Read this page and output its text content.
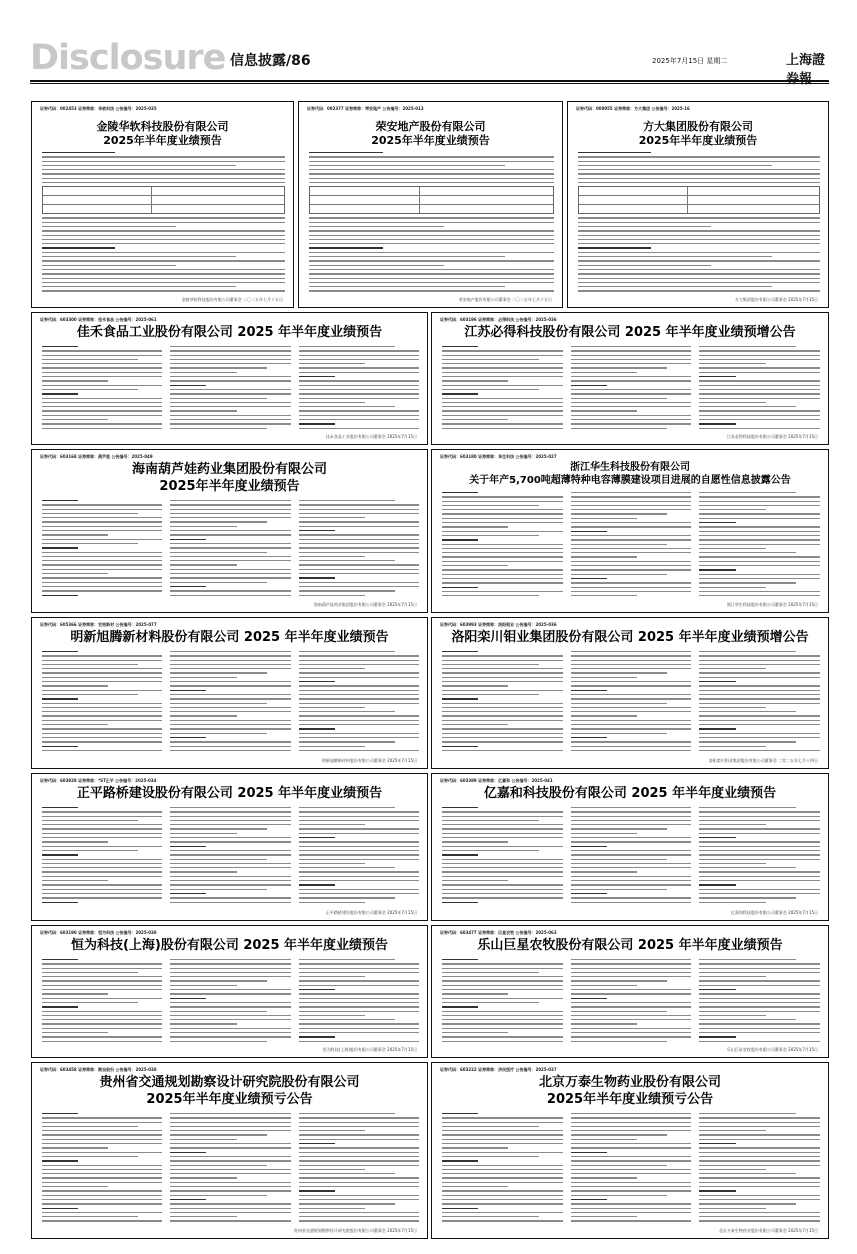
Disclosure 信息披露/86	2025年7月15日 星期二	上海證
证券代码：002453 证券简称：华软科技 公告编号：2025-035
金陵华软科技股份有限公司
2025年半年度业绩预告
金陵华软科技股份有限公司董事会 二〇二五年七月十五日
证券代码：002377 证券简称：荣安地产 公告编号：2025-013
荣安地产股份有限公司
2025年半年度业绩预告
荣安地产股份有限公司董事会 二〇二五年七月十五日
证券代码：000055 证券简称：方大集团 公告编号：2025-16
方大集团股份有限公司
2025年半年度业绩预告
方大集团股份有限公司董事会 2025年7月15日
证券代码：603300 证券简称：佳禾食品 公告编号：2025-061
佳禾食品工业股份有限公司 2025 年半年度业绩预告
佳禾食品工业股份有限公司董事会 2025年7月15日
证券代码：603196 证券简称：必得科技 公告编号：2025-036
江苏必得科技股份有限公司 2025 年半年度业绩预增公告
江苏必得科技股份有限公司董事会 2025年7月15日
证券代码：603168 证券简称：葫芦娃 公告编号：2025-049
海南葫芦娃药业集团股份有限公司
2025年半年度业绩预告
海南葫芦娃药业集团股份有限公司董事会 2025年7月15日
证券代码：603180 证券简称：华生科技 公告编号：2025-027
浙江华生科技股份有限公司
关于年产5,700吨超薄特种电容薄膜建设项目进展的自愿性信息披露公告
浙江华生科技股份有限公司董事会 2025年7月15日
证券代码：605366 证券简称：宏柏新材 公告编号：2025-077
明新旭腾新材料股份有限公司 2025 年半年度业绩预告
明新旭腾新材料股份有限公司董事会 2025年7月15日
证券代码：603993 证券简称：洛阳钼业 公告编号：2025-036
洛阳栾川钼业集团股份有限公司 2025 年半年度业绩预增公告
洛阳栾川钼业集团股份有限公司董事会 二零二五年七月十四日
证券代码：603828 证券简称：*ST正平 公告编号：2025-034
正平路桥建设股份有限公司 2025 年半年度业绩预告
正平路桥建设股份有限公司董事会 2025年7月15日
证券代码：603389 证券简称：亿嘉和 公告编号：2025-041
亿嘉和科技股份有限公司 2025 年半年度业绩预告
亿嘉和科技股份有限公司董事会 2025年7月15日
证券代码：603190 证券简称：恒为科技 公告编号：2025-038
恒为科技(上海)股份有限公司 2025 年半年度业绩预告
恒为科技(上海)股份有限公司董事会 2025年7月15日
证券代码：603477 证券简称：巨星农牧 公告编号：2025-063
乐山巨星农牧股份有限公司 2025 年半年度业绩预告
乐山巨星农牧股份有限公司董事会 2025年7月15日
证券代码：603458 证券简称：勘设股份 公告编号：2025-038
贵州省交通规划勘察设计研究院股份有限公司
2025年半年度业绩预亏公告
贵州省交通规划勘察设计研究院股份有限公司董事会 2025年7月15日
证券代码：603222 证券简称：济民医疗 公告编号：2025-037
北京万泰生物药业股份有限公司
2025年半年度业绩预亏公告
北京万泰生物药业股份有限公司董事会 2025年7月15日
